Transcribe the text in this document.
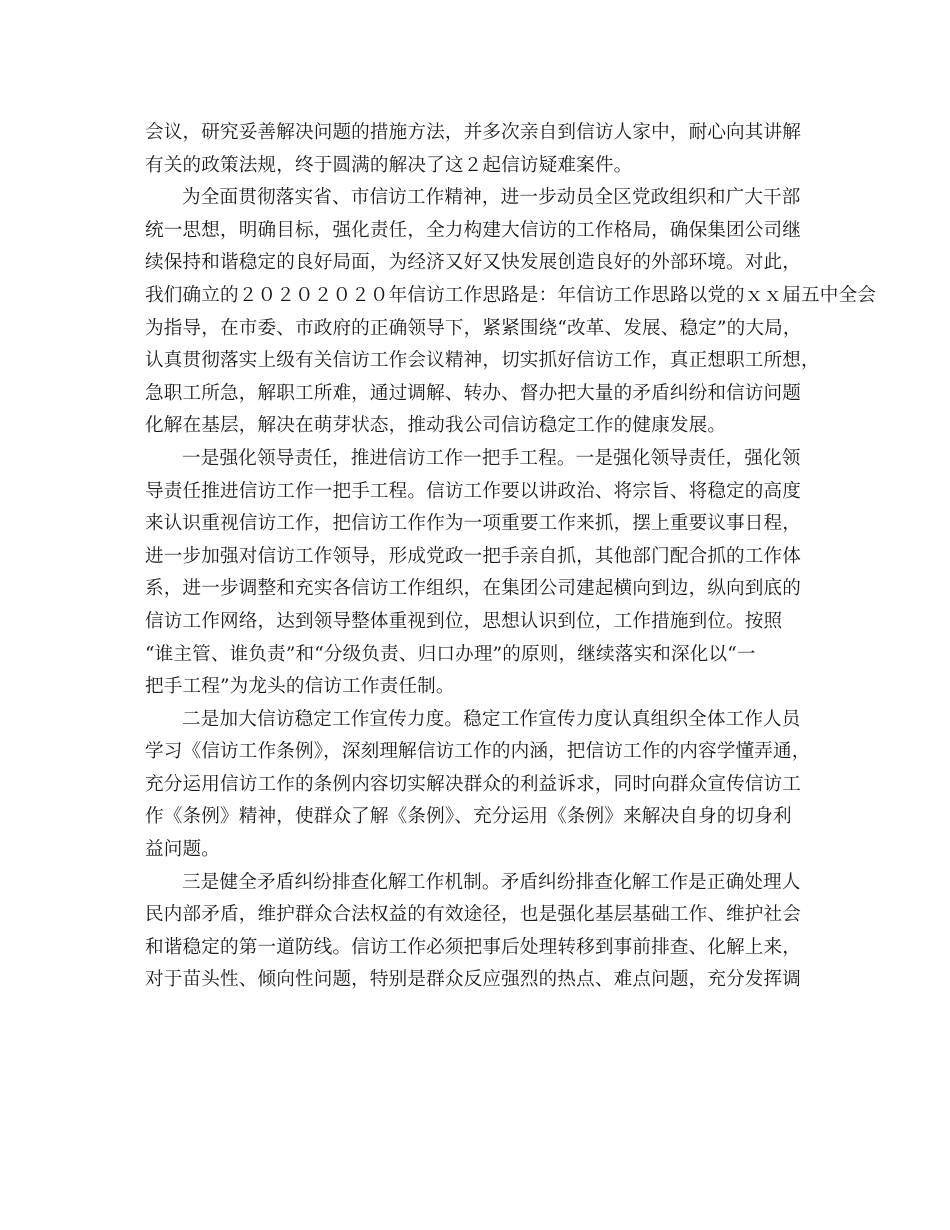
会议，研究妥善解决问题的措施方法，并多次亲自到信访人家中，耐心向其讲解
有关的政策法规，终于圆满的解决了这２起信访疑难案件。
为全面贯彻落实省、市信访工作精神，进一步动员全区党政组织和广大干部
统一思想，明确目标，强化责任，全力构建大信访的工作格局，确保集团公司继
续保持和谐稳定的良好局面，为经济又好又快发展创造良好的外部环境。对此，
我们确立的２０２０２０２０年信访工作思路是：年信访工作思路以党的ｘｘ届五中全会
为指导，在市委、市政府的正确领导下，紧紧围绕“改革、发展、稳定”的大局，
认真贯彻落实上级有关信访工作会议精神，切实抓好信访工作，真正想职工所想，
急职工所急，解职工所难，通过调解、转办、督办把大量的矛盾纠纷和信访问题
化解在基层，解决在萌芽状态，推动我公司信访稳定工作的健康发展。
一是强化领导责任，推进信访工作一把手工程。一是强化领导责任，强化领
导责任推进信访工作一把手工程。信访工作要以讲政治、将宗旨、将稳定的高度
来认识重视信访工作，把信访工作作为一项重要工作来抓，摆上重要议事日程，
进一步加强对信访工作领导，形成党政一把手亲自抓，其他部门配合抓的工作体
系，进一步调整和充实各信访工作组织，在集团公司建起横向到边，纵向到底的
信访工作网络，达到领导整体重视到位，思想认识到位，工作措施到位。按照
“谁主管、谁负责”和“分级负责、归口办理”的原则，继续落实和深化以“一
把手工程”为龙头的信访工作责任制。
二是加大信访稳定工作宣传力度。稳定工作宣传力度认真组织全体工作人员
学习《信访工作条例》，深刻理解信访工作的内涵，把信访工作的内容学懂弄通，
充分运用信访工作的条例内容切实解决群众的利益诉求，同时向群众宣传信访工
作《条例》精神，使群众了解《条例》、充分运用《条例》来解决自身的切身利
益问题。
三是健全矛盾纠纷排查化解工作机制。矛盾纠纷排查化解工作是正确处理人
民内部矛盾，维护群众合法权益的有效途径，也是强化基层基础工作、维护社会
和谐稳定的第一道防线。信访工作必须把事后处理转移到事前排查、化解上来，
对于苗头性、倾向性问题，特别是群众反应强烈的热点、难点问题，充分发挥调
